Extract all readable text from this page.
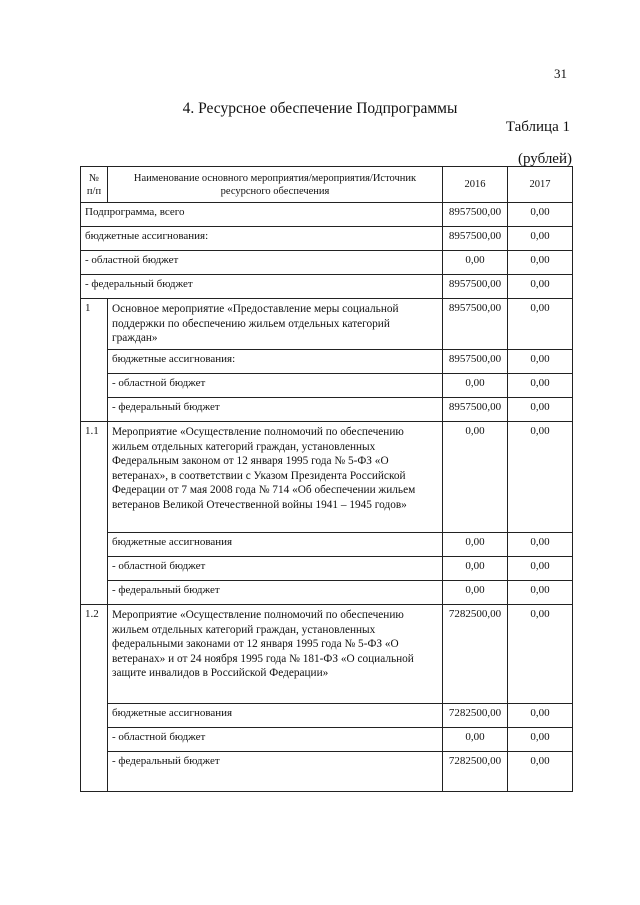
31
4. Ресурсное обеспечение Подпрограммы
Таблица 1
(рублей)
№ п/п	Наименование основного мероприятия/мероприятия/Источник ресурсного обеспечения	2016	2017
Подпрограмма, всего		8957500,00	0,00
бюджетные ассигнования:		8957500,00	0,00
- областной бюджет		0,00	0,00
- федеральный бюджет		8957500,00	0,00
1	Основное мероприятие «Предоставление меры социальной поддержки по обеспечению жильем отдельных категорий граждан»	8957500,00	0,00
	бюджетные ассигнования:	8957500,00	0,00
	- областной бюджет	0,00	0,00
	- федеральный бюджет	8957500,00	0,00
1.1	Мероприятие «Осуществление полномочий по обеспечению жильем отдельных категорий граждан, установленных Федеральным законом от 12 января 1995 года № 5-ФЗ «О ветеранах», в соответствии с Указом Президента Российской Федерации от 7 мая 2008 года № 714 «Об обеспечении жильем ветеранов Великой Отечественной войны 1941 – 1945 годов»	0,00	0,00
	бюджетные ассигнования	0,00	0,00
	- областной бюджет	0,00	0,00
	- федеральный бюджет	0,00	0,00
1.2	Мероприятие «Осуществление полномочий по обеспечению жильем отдельных категорий граждан, установленных федеральными законами от 12 января 1995 года № 5-ФЗ «О ветеранах» и от 24 ноября 1995 года № 181-ФЗ «О социальной защите инвалидов в Российской Федерации»	7282500,00	0,00
	бюджетные ассигнования	7282500,00	0,00
	- областной бюджет	0,00	0,00
	- федеральный бюджет	7282500,00	0,00
